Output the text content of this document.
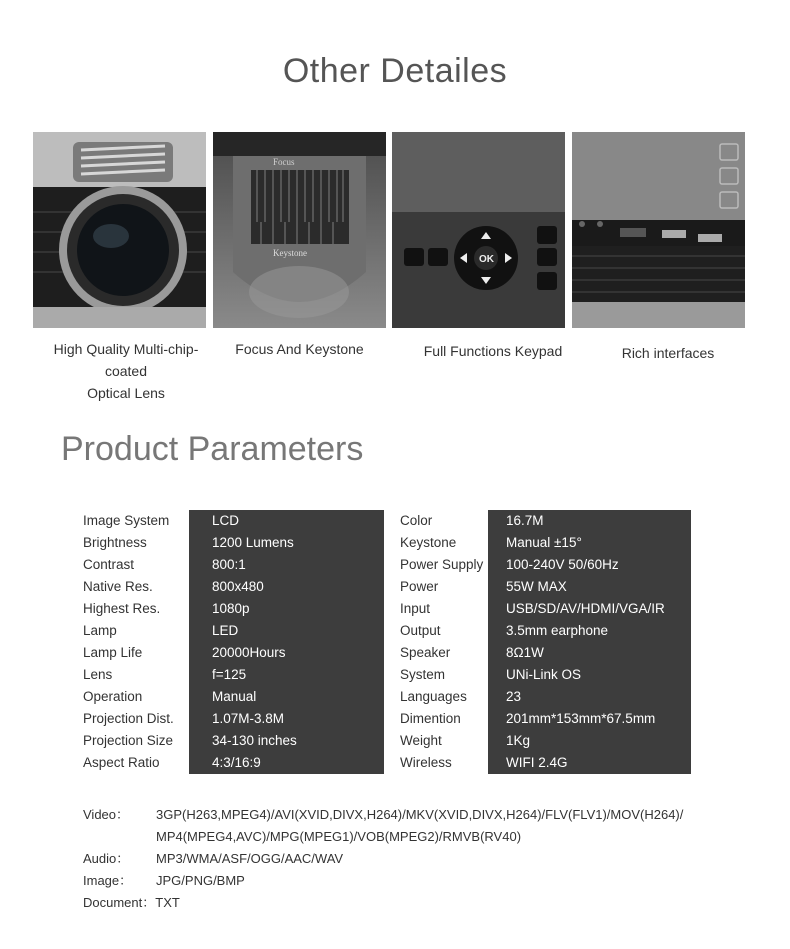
Other Detailes
Focus
Keystone
OK
High Quality Multi-chip-coated
Optical Lens
Focus And Keystone	Full Functions Keypad	Rich interfaces
Product Parameters
Image System
Brightness
Contrast
Native Res.
Highest Res.
Lamp
Lamp Life
Lens
Operation
Projection Dist.
Projection Size
Aspect Ratio
LCD
1200 Lumens
800:1
800x480
1080p
LED
20000Hours
f=125
Manual
1.07M-3.8M
34-130 inches
4:3/16:9
Color
Keystone
Power Supply
Power
Input
Output
Speaker
System
Languages
Dimention
Weight
Wireless
16.7M
Manual ±15°
100-240V 50/60Hz
55W MAX
USB/SD/AV/HDMI/VGA/IR
3.5mm earphone
8Ω1W
UNi-Link OS
23
201mm*153mm*67.5mm
1Kg
WIFI 2.4G
Video： 3GP(H263,MPEG4)/AVI(XVID,DIVX,H264)/MKV(XVID,DIVX,H264)/FLV(FLV1)/MOV(H264)/
MP4(MPEG4,AVC)/MPG(MPEG1)/VOB(MPEG2)/RMVB(RV40)
Audio： MP3/WMA/ASF/OGG/AAC/WAV
Image： JPG/PNG/BMP
Document：TXT
